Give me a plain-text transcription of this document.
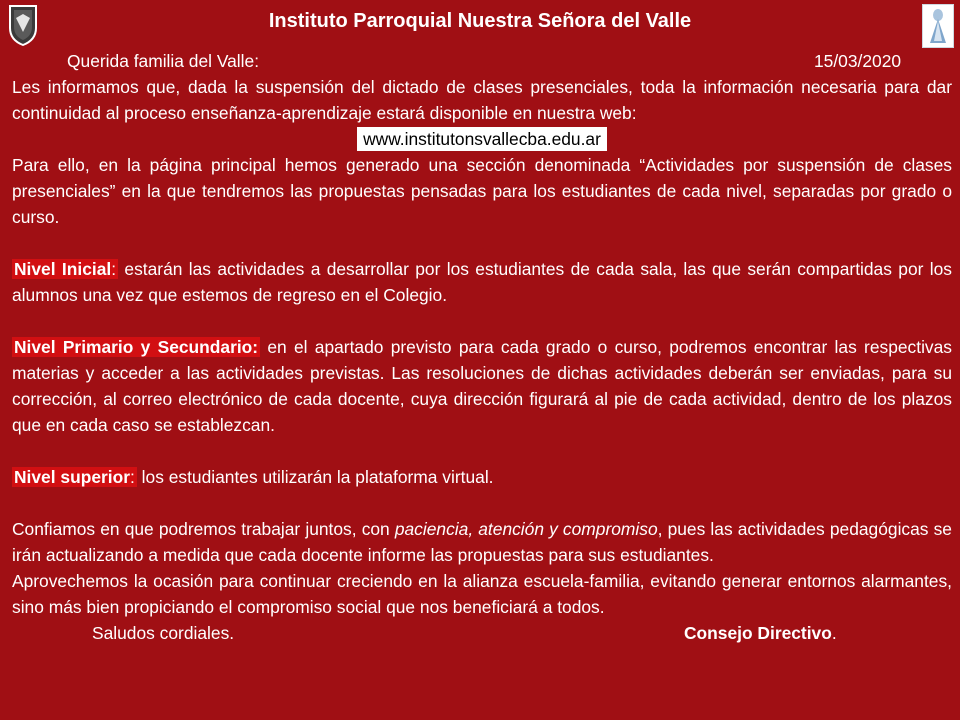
Instituto Parroquial Nuestra Señora del Valle
Querida familia del Valle:	15/03/2020

Les informamos que, dada la suspensión del dictado de clases presenciales, toda la información necesaria para dar continuidad al proceso enseñanza-aprendizaje estará disponible en nuestra web:

www.institutonsvallecba.edu.ar

Para ello, en la página principal hemos generado una sección denominada “Actividades por suspensión de clases presenciales” en la que tendremos las propuestas pensadas para los estudiantes de cada nivel, separadas por grado o curso.

Nivel Inicial: estarán las actividades a desarrollar por los estudiantes de cada sala, las que serán compartidas por los alumnos una vez que estemos de regreso en el Colegio.

Nivel Primario y Secundario: en el apartado previsto para cada grado o curso, podremos encontrar las respectivas materias y acceder a las actividades previstas. Las resoluciones de dichas actividades deberán ser enviadas, para su corrección, al correo electrónico de cada docente, cuya dirección figurará al pie de cada actividad, dentro de los plazos que en cada caso se establezcan.

Nivel superior: los estudiantes utilizarán la plataforma virtual.

Confiamos en que podremos trabajar juntos, con paciencia, atención y compromiso, pues las actividades pedagógicas se irán actualizando a medida que cada docente informe las propuestas para sus estudiantes.

Aprovechemos la ocasión para continuar creciendo en la alianza escuela-familia, evitando generar entornos alarmantes, sino más bien propiciando el compromiso social que nos beneficiará a todos.

Saludos cordiales.	Consejo Directivo.
